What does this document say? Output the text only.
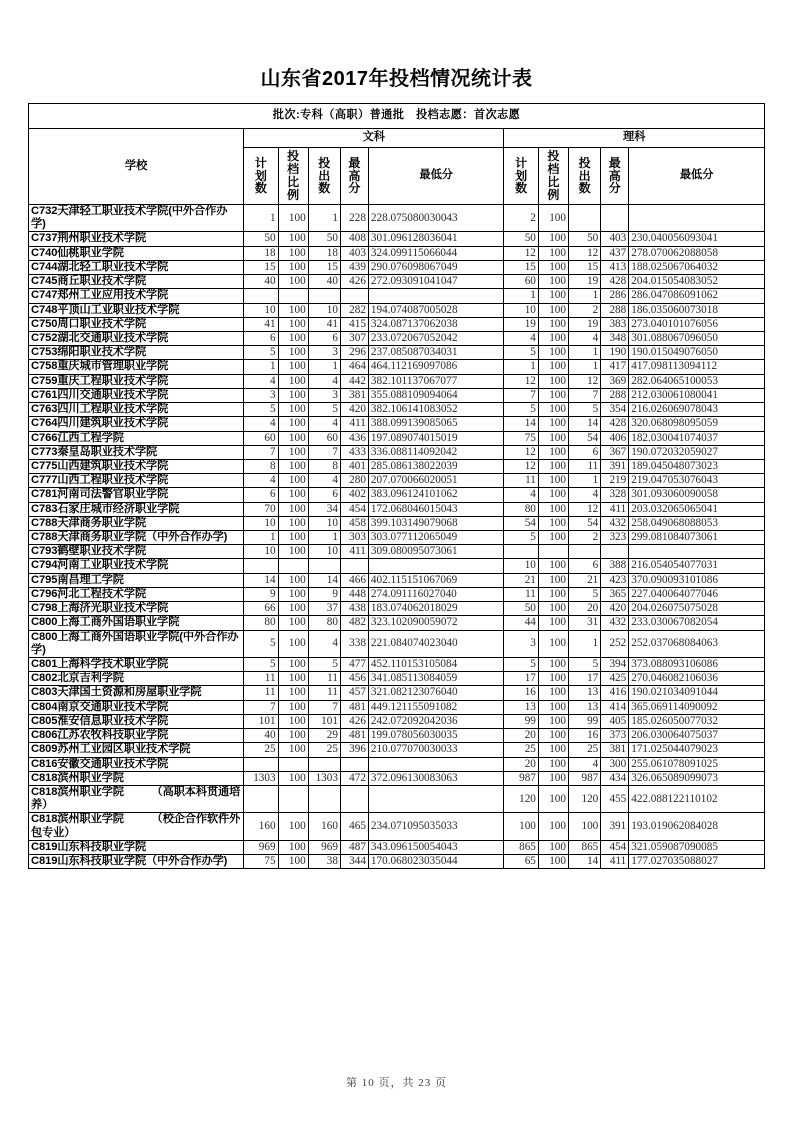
山东省2017年投档情况统计表
批次:专科（高职）普通批　投档志愿：首次志愿										
学校	文科					理科				

	计划数	投档比例	投出数	最高分	最低分	计划数	投档比例	投出数	最高分	最低分
C732天津轻工职业技术学院(中外合作办学)	1	100	1	228	228.075080030043	2	100			
C737荆州职业技术学院	50	100	50	408	301.096128036041	50	100	50	403	230.040056093041
C740仙桃职业学院	18	100	18	403	324.099115066044	12	100	12	437	278.070062088058
C744湖北轻工职业技术学院	15	100	15	439	290.076098067049	15	100	15	413	188.025067064032
C745商丘职业技术学院	40	100	40	426	272.093091041047	60	100	19	428	204.015054083052
C747郑州工业应用技术学院						1	100	1	286	286.047086091062
C748平顶山工业职业技术学院	10	100	10	282	194.074087005028	10	100	2	288	186.035060073018
C750周口职业技术学院	41	100	41	415	324.087137062038	19	100	19	383	273.040101076056
C752湖北交通职业技术学院	6	100	6	307	233.072067052042	4	100	4	348	301.088067096050
C753绵阳职业技术学院	5	100	3	296	237.085087034031	5	100	1	190	190.015049076050
C758重庆城市管理职业学院	1	100	1	464	464.112169097086	1	100	1	417	417.098113094112
C759重庆工程职业技术学院	4	100	4	442	382.101137067077	12	100	12	369	282.064065100053
C761四川交通职业技术学院	3	100	3	381	355.088109094064	7	100	7	288	212.030061080041
C763四川工程职业技术学院	5	100	5	420	382.106141083052	5	100	5	354	216.026069078043
C764四川建筑职业技术学院	4	100	4	411	388.099139085065	14	100	14	428	320.068098095059
C766江西工程学院	60	100	60	436	197.089074015019	75	100	54	406	182.030041074037
C773秦皇岛职业技术学院	7	100	7	433	336.088114092042	12	100	6	367	190.072032059027
C775山西建筑职业技术学院	8	100	8	401	285.086138022039	12	100	11	391	189.045048073023
C777山西工程职业技术学院	4	100	4	280	207.070066020051	11	100	1	219	219.047053076043
C781河南司法警官职业学院	6	100	6	402	383.096124101062	4	100	4	328	301.093060090058
C783石家庄城市经济职业学院	70	100	34	454	172.068046015043	80	100	12	411	203.032065065041
C788天津商务职业学院	10	100	10	458	399.103149079068	54	100	54	432	258.049068088053
C788天津商务职业学院（中外合作办学)	1	100	1	303	303.077112065049	5	100	2	323	299.081084073061
C793鹤壁职业技术学院	10	100	10	411	309.080095073061					
C794河南工业职业技术学院						10	100	6	388	216.054054077031
C795南昌理工学院	14	100	14	466	402.115151067069	21	100	21	423	370.090093101086
C796河北工程技术学院	9	100	9	448	274.091116027040	11	100	5	365	227.040064077046
C798上海济光职业技术学院	66	100	37	438	183.074062018029	50	100	20	420	204.026075075028
C800上海工商外国语职业学院	80	100	80	482	323.102090059072	44	100	31	432	233.030067082054
C800上海工商外国语职业学院(中外合作办学)	5	100	4	338	221.084074023040	3	100	1	252	252.037068084063
C801上海科学技术职业学院	5	100	5	477	452.110153105084	5	100	5	394	373.088093106086
C802北京吉利学院	11	100	11	456	341.085113084059	17	100	17	425	270.046082106036
C803天津国土资源和房屋职业学院	11	100	11	457	321.082123076040	16	100	13	416	190.021034091044
C804南京交通职业技术学院	7	100	7	481	449.121155091082	13	100	13	414	365.069114090092
C805淮安信息职业技术学院	101	100	101	426	242.072092042036	99	100	99	405	185.026050077032
C806江苏农牧科技职业学院	40	100	29	481	199.078056030035	20	100	16	373	206.030064075037
C809苏州工业园区职业技术学院	25	100	25	396	210.077070030033	25	100	25	381	171.025044079023
C816安徽交通职业技术学院						20	100	4	300	255.061078091025
C818滨州职业学院	1303	100	1303	472	372.096130083063	987	100	987	434	326.065089099073
C818滨州职业学院　　　（高职本科贯通培养）						120	100	120	455	422.088122110102
C818滨州职业学院　　　（校企合作软件外包专业）	160	100	160	465	234.071095035033	100	100	100	391	193.019062084028
C819山东科技职业学院	969	100	969	487	343.096150054043	865	100	865	454	321.059087090085
C819山东科技职业学院（中外合作办学)	75	100	38	344	170.068023035044	65	100	14	411	177.027035088027
第 10 页，共 23 页
